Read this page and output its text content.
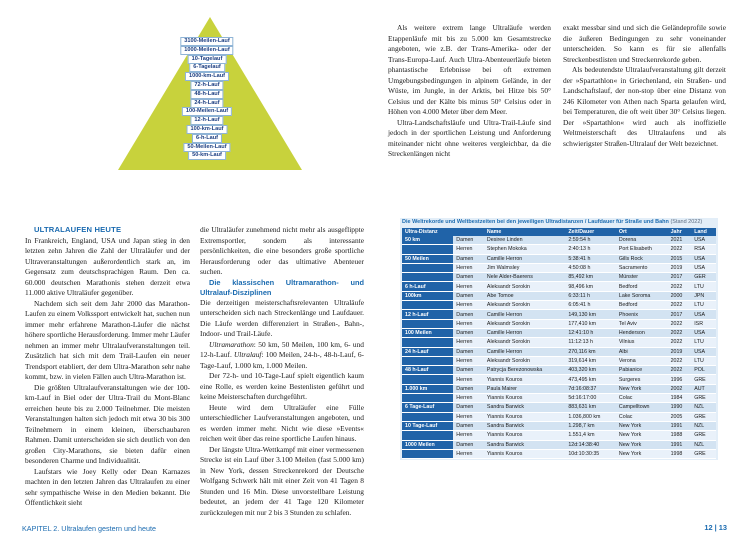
3100-Meilen-Lauf
1000-Meilen-Lauf
10-Tagelauf
6-Tagelauf
1000-km-Lauf
72-h-Lauf
48-h-Lauf
24-h-Lauf
100-Meilen-Lauf
12-h-Lauf
100-km-Lauf
6-h-Lauf
50-Meilen-Lauf
50-km-Lauf

ULTRALAUFEN HEUTE

In Frankreich, England, USA und Japan stieg in den letzten zehn Jahren die Zahl der Ultraläufer und der Ultraveranstaltungen außerordentlich stark an, im Gegensatz zum deutschsprachigen Raum. Den ca. 60.000 deutschen Marathonis stehen derzeit etwa 11.000 aktive Ultraläufer gegenüber.

Nachdem sich seit dem Jahr 2000 das Marathon-Laufen zu einem Volkssport entwickelt hat, suchen nun immer mehr erfahrene Marathon-Läufer die nächst höhere sportliche Herausforderung. Immer mehr Läufer nehmen an immer mehr Ultralaufveranstaltungen teil. Zusätzlich hat sich mit dem Trail-Laufen ein neuer Trendsport etabliert, der dem Ultra-Marathon sehr nahe kommt, bzw. in vielen Fällen auch Ultra-Marathon ist.

Die größten Ultralaufveranstaltungen wie der 100-km-Lauf in Biel oder der Ultra-Trail du Mont-Blanc erreichen heute bis zu 2.000 Teilnehmer. Die meisten Veranstaltungen halten sich jedoch mit etwa 30 bis 300 Teilnehmern in einem kleinen, überschaubaren Rahmen. Damit unterscheiden sie sich deutlich von den großen City-Marathons, sie bieten dafür einen besonderen Charme und Individualität.

Laufstars wie Joey Kelly oder Dean Karnazes machten in den letzten Jahren das Ultralaufen zu einer sehr sympathische Weise in den Medien bekannt. Die Öffentlichkeit sieht

die Ultraläufer zunehmend nicht mehr als ausgeflippte Extremsportler, sondern als interessante persönlichkeiten, die eine besonders große sportliche Herausforderung oder das ultimative Abenteuer suchen.

Die klassischen Ultramarathon- und Ultralauf-Disziplinen

Die derzeitigen meisterschaftsrelevanten Ultraläufe unterscheiden sich nach Streckenlänge und Laufdauer. Die Läufe werden differenziert in Straßen-, Bahn-, Indoor- und Trail-Läufe.

Ultramarathon: 50 km, 50 Meilen, 100 km, 6- und 12-h-Lauf. Ultralauf: 100 Meilen, 24-h-, 48-h-Lauf, 6-Tage-Lauf, 1.000 km, 1.000 Meilen.

Der 72-h- und 10-Tage-Lauf spielt eigentlich kaum eine Rolle, es werden keine Bestenlisten geführt und keine Meisterschaften durchgeführt.

Heute wird dem Ultraläufer eine Fülle unterschiedlicher Laufveranstaltungen angeboten, und es werden immer mehr. Nicht wie diese »Events« reichen weit über das reine sportliche Laufen hinaus.

Der längste Ultra-Wettkampf mit einer vermessenen Strecke ist ein Lauf über 3.100 Meilen (fast 5.000 km) in New York, dessen Streckenrekord der Deutsche Wolfgang Schwerk hält mit einer Zeit von 41 Tagen 8 Stunden und 16 Min. Diese unvorstellbare Leistung bedeutet, an jedem der 41 Tage 120 Kilometer zurückzulegen mit nur 2 bis 3 Stunden zu schlafen.

Als weitere extrem lange Ultraläufe werden Etappenläufe mit bis zu 5.000 km Gesamtstrecke angeboten, wie z.B. der Trans-Amerika- oder der Trans-Europa-Lauf. Auch Ultra-Abenteuerläufe bieten phantastische Erlebnisse bei oft extremen Umgebungsbedingungen in alpinem Gelände, in der Wüste, im Jungle, in der Arktis, bei Hitze bis 50° Celsius und der Kälte bis minus 50° Celsius oder in Höhen von 4.000 Meter über dem Meer.

Ultra-Landschaftsläufe und Ultra-Trail-Läufe sind jedoch in der sportlichen Leistung und Anforderung miteinander nicht ohne weiteres vergleichbar, da die Streckenlängen nicht

exakt messbar sind und sich die Geländeprofile sowie die äußeren Bedingungen zu sehr voneinander unterscheiden. So kann es für sie allenfalls Streckenbestlisten und Streckenrekorde geben.

Als bedeutendste Ultralaufveranstaltung gilt derzeit der »Spartathlon« in Griechenland, ein Straßen- und Landschaftslauf, der non-stop über eine Distanz von 246 Kilometer von Athen nach Sparta gelaufen wird, bei Temperaturen, die oft weit über 30° Celsius liegen. Der »Spartathlon« wird auch als inoffizielle Weltmeisterschaft des Ultralaufens und als schwierigster Straßen-Ultralauf der Welt bezeichnet.

Die Weltrekorde und Weltbestzeiten bei den jeweiligen Ultradistanzen / Laufdauer für Straße und Bahn (Stand 2022)
Ultra-Distanz		Name	Zeit/Dauer	Ort	Jahr	Land
50 km	Damen	Desiree Linden	2:59:54 h	Dorena	2021	USA
	Herren	Stephen Mokoka	2:40:13 h	Port Elisabeth	2022	RSA
50 Meilen	Damen	Camille Herron	5:38:41 h	Gills Rock	2015	USA
	Herren	Jim Walmsley	4:50:08 h	Sacramento	2019	USA
	Damen	Nele Alder-Baerens	85,492 km	Münster	2017	GER
6 h-Lauf	Herren	Aleksandr Sorokin	98,496 km	Bedford	2022	LTU
100km	Damen	Abe Tomoe	6:33:11 h	Lake Soroma	2000	JPN
	Herren	Aleksandr Sorokin	6:05:41 h	Bedford	2022	LTU
12 h-Lauf	Damen	Camille Herron	149,130 km	Phoenix	2017	USA
	Herren	Aleksandr Sorokin	177,410 km	Tel Aviv	2022	ISR
100 Meilen	Damen	Camille Herron	12:41:10 h	Henderson	2022	USA
	Herren	Aleksandr Sorokin	11:12:13 h	Vilnius	2022	LTU
24 h-Lauf	Damen	Camille Herron	270,116 km	Albi	2019	USA
	Herren	Aleksandr Sorokin	319,614 km	Verona	2022	LTU
48 h-Lauf	Damen	Patrycja Berezonowska	403,320 km	Pabianice	2022	POL
	Herren	Yiannis Kouros	473,495 km	Surgeres	1996	GRE
1.000 km	Damen	Paula Mairer	7d:16:08:37	New York	2002	AUT
	Herren	Yiannis Kouros	5d:16:17:00	Colac	1984	GRE
6 Tage-Lauf	Damen	Sandra Barwick	883,631 km	Campelltown	1990	NZL
	Herren	Yiannis Kouros	1.036,800 km	Colac	2005	GRE
10 Tage-Lauf	Damen	Sandra Barwick	1.298,7 km	New York	1991	NZL
	Herren	Yiannis Kouros	1.551,4 km	New York	1988	GRE
1000 Meilen	Damen	Sandra Barwick	12d:14:38:40	New York	1991	NZL
	Herren	Yiannis Kouros	10d:10:30:35	New York	1998	GRE
KAPITEL 2. Ultralaufen gestern und heute	12 | 13
